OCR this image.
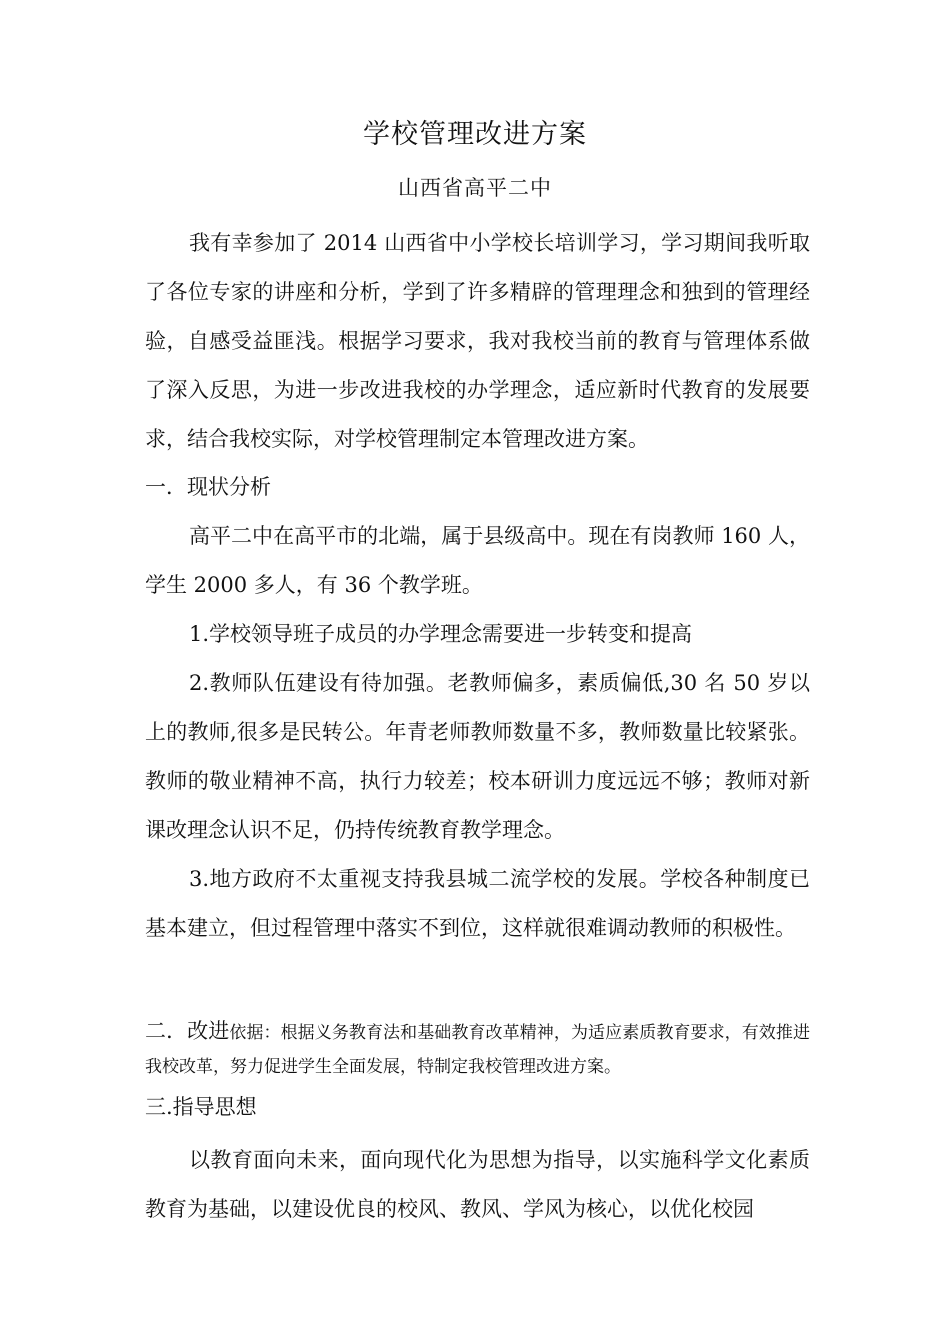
学校管理改进方案
山西省高平二中

我有幸参加了 2014 山西省中小学校长培训学习，学习期间我听取了各位专家的讲座和分析，学到了许多精辟的管理理念和独到的管理经验，自感受益匪浅。根据学习要求，我对我校当前的教育与管理体系做了深入反思，为进一步改进我校的办学理念，适应新时代教育的发展要求，结合我校实际，对学校管理制定本管理改进方案。

一．现状分析

高平二中在高平市的北端，属于县级高中。现在有岗教师 160 人，学生 2000 多人，有 36 个教学班。

1.学校领导班子成员的办学理念需要进一步转变和提高

2.教师队伍建设有待加强。老教师偏多，素质偏低,30 名 50 岁以上的教师,很多是民转公。年青老师教师数量不多，教师数量比较紧张。教师的敬业精神不高，执行力较差；校本研训力度远远不够；教师对新课改理念认识不足，仍持传统教育教学理念。

3.地方政府不太重视支持我县城二流学校的发展。学校各种制度已基本建立，但过程管理中落实不到位，这样就很难调动教师的积极性。

二．改进依据：根据义务教育法和基础教育改革精神，为适应素质教育要求，有效推进我校改革，努力促进学生全面发展，特制定我校管理改进方案。

三.指导思想

以教育面向未来，面向现代化为思想为指导，以实施科学文化素质教育为基础，以建设优良的校风、教风、学风为核心，以优化校园
